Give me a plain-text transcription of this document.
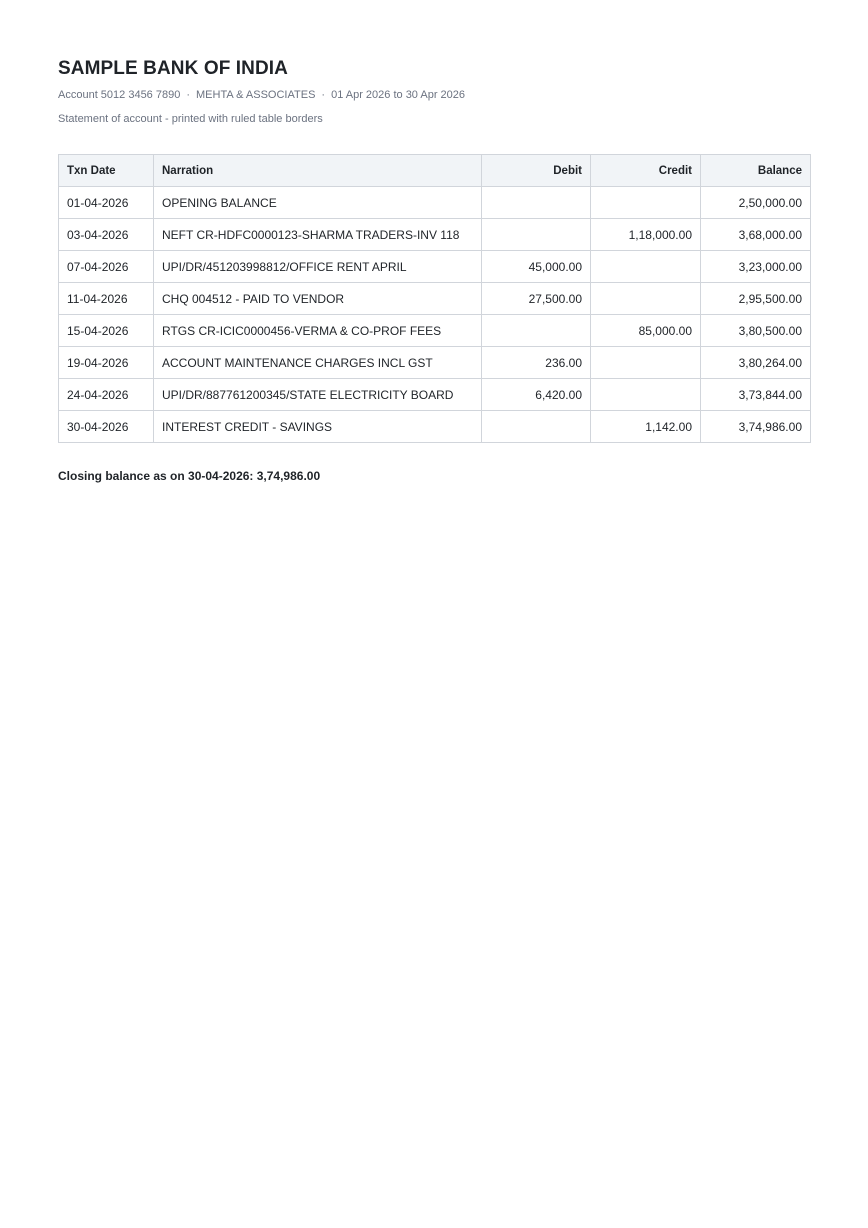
SAMPLE BANK OF INDIA
Account 5012 3456 7890 · MEHTA & ASSOCIATES · 01 Apr 2026 to 30 Apr 2026
Statement of account - printed with ruled table borders
Txn Date	Narration	Debit	Credit	Balance
01-04-2026	OPENING BALANCE			2,50,000.00
03-04-2026	NEFT CR-HDFC0000123-SHARMA TRADERS-INV 118		1,18,000.00	3,68,000.00
07-04-2026	UPI/DR/451203998812/OFFICE RENT APRIL	45,000.00		3,23,000.00
11-04-2026	CHQ 004512 - PAID TO VENDOR	27,500.00		2,95,500.00
15-04-2026	RTGS CR-ICIC0000456-VERMA & CO-PROF FEES		85,000.00	3,80,500.00
19-04-2026	ACCOUNT MAINTENANCE CHARGES INCL GST	236.00		3,80,264.00
24-04-2026	UPI/DR/887761200345/STATE ELECTRICITY BOARD	6,420.00		3,73,844.00
30-04-2026	INTEREST CREDIT - SAVINGS		1,142.00	3,74,986.00
Closing balance as on 30-04-2026: 3,74,986.00
